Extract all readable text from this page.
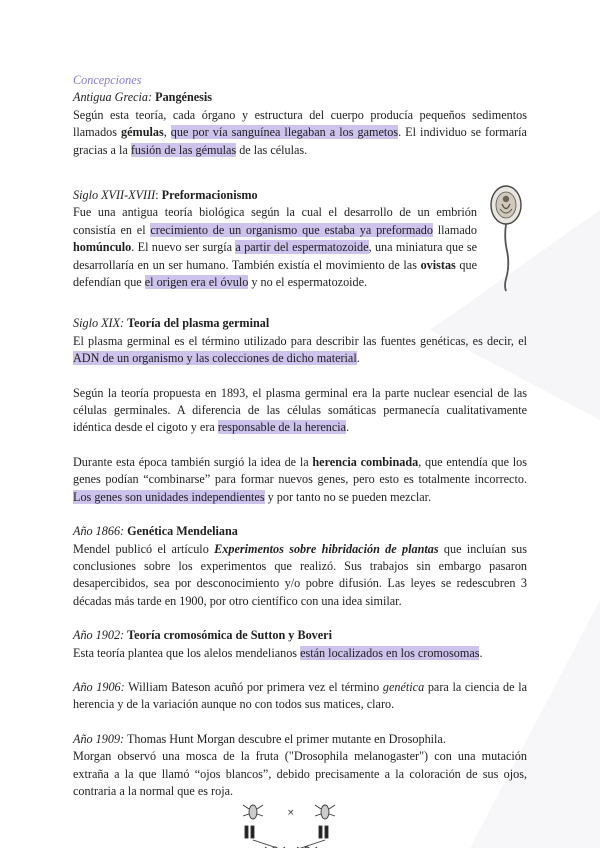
Concepciones
Antigua Grecia: Pangénesis

Según esta teoría, cada órgano y estructura del cuerpo producía pequeños sedimentos llamados gémulas, que por vía sanguínea llegaban a los gametos. El individuo se formaría gracias a la fusión de las gémulas de las células.

Siglo XVII-XVIII: Preformacionismo

Fue una antigua teoría biológica según la cual el desarrollo de un embrión consistía en el crecimiento de un organismo que estaba ya preformado llamado homúnculo. El nuevo ser surgía a partir del espermatozoide, una miniatura que se desarrollaría en un ser humano. También existía el movimiento de las ovistas que defendían que el origen era el óvulo y no el espermatozoide.

Siglo XIX: Teoría del plasma germinal

El plasma germinal es el término utilizado para describir las fuentes genéticas, es decir, el ADN de un organismo y las colecciones de dicho material.

Según la teoría propuesta en 1893, el plasma germinal era la parte nuclear esencial de las células germinales. A diferencia de las células somáticas permanecía cualitativamente idéntica desde el cigoto y era responsable de la herencia.

Durante esta época también surgió la idea de la herencia combinada, que entendía que los genes podían “combinarse” para formar nuevos genes, pero esto es totalmente incorrecto. Los genes son unidades independientes y por tanto no se pueden mezclar.

Año 1866: Genética Mendeliana

Mendel publicó el artículo Experimentos sobre hibridación de plantas que incluían sus conclusiones sobre los experimentos que realizó. Sus trabajos sin embargo pasaron desapercibidos, sea por desconocimiento y/o pobre difusión. Las leyes se redescubren 3 décadas más tarde en 1900, por otro científico con una idea similar.

Año 1902: Teoría cromosómica de Sutton y Boveri

Esta teoría plantea que los alelos mendelianos están localizados en los cromosomas.

Año 1906: William Bateson acuñó por primera vez el término genética para la ciencia de la herencia y de la variación aunque no con todos sus matices, claro.

Año 1909: Thomas Hunt Morgan descubre el primer mutante en Drosophila.

Morgan observó una mosca de la fruta ("Drosophila melanogaster") con una mutación extraña a la que llamó “ojos blancos”, debido precisamente a la coloración de sus ojos, contraria a la normal que es roja.

×
